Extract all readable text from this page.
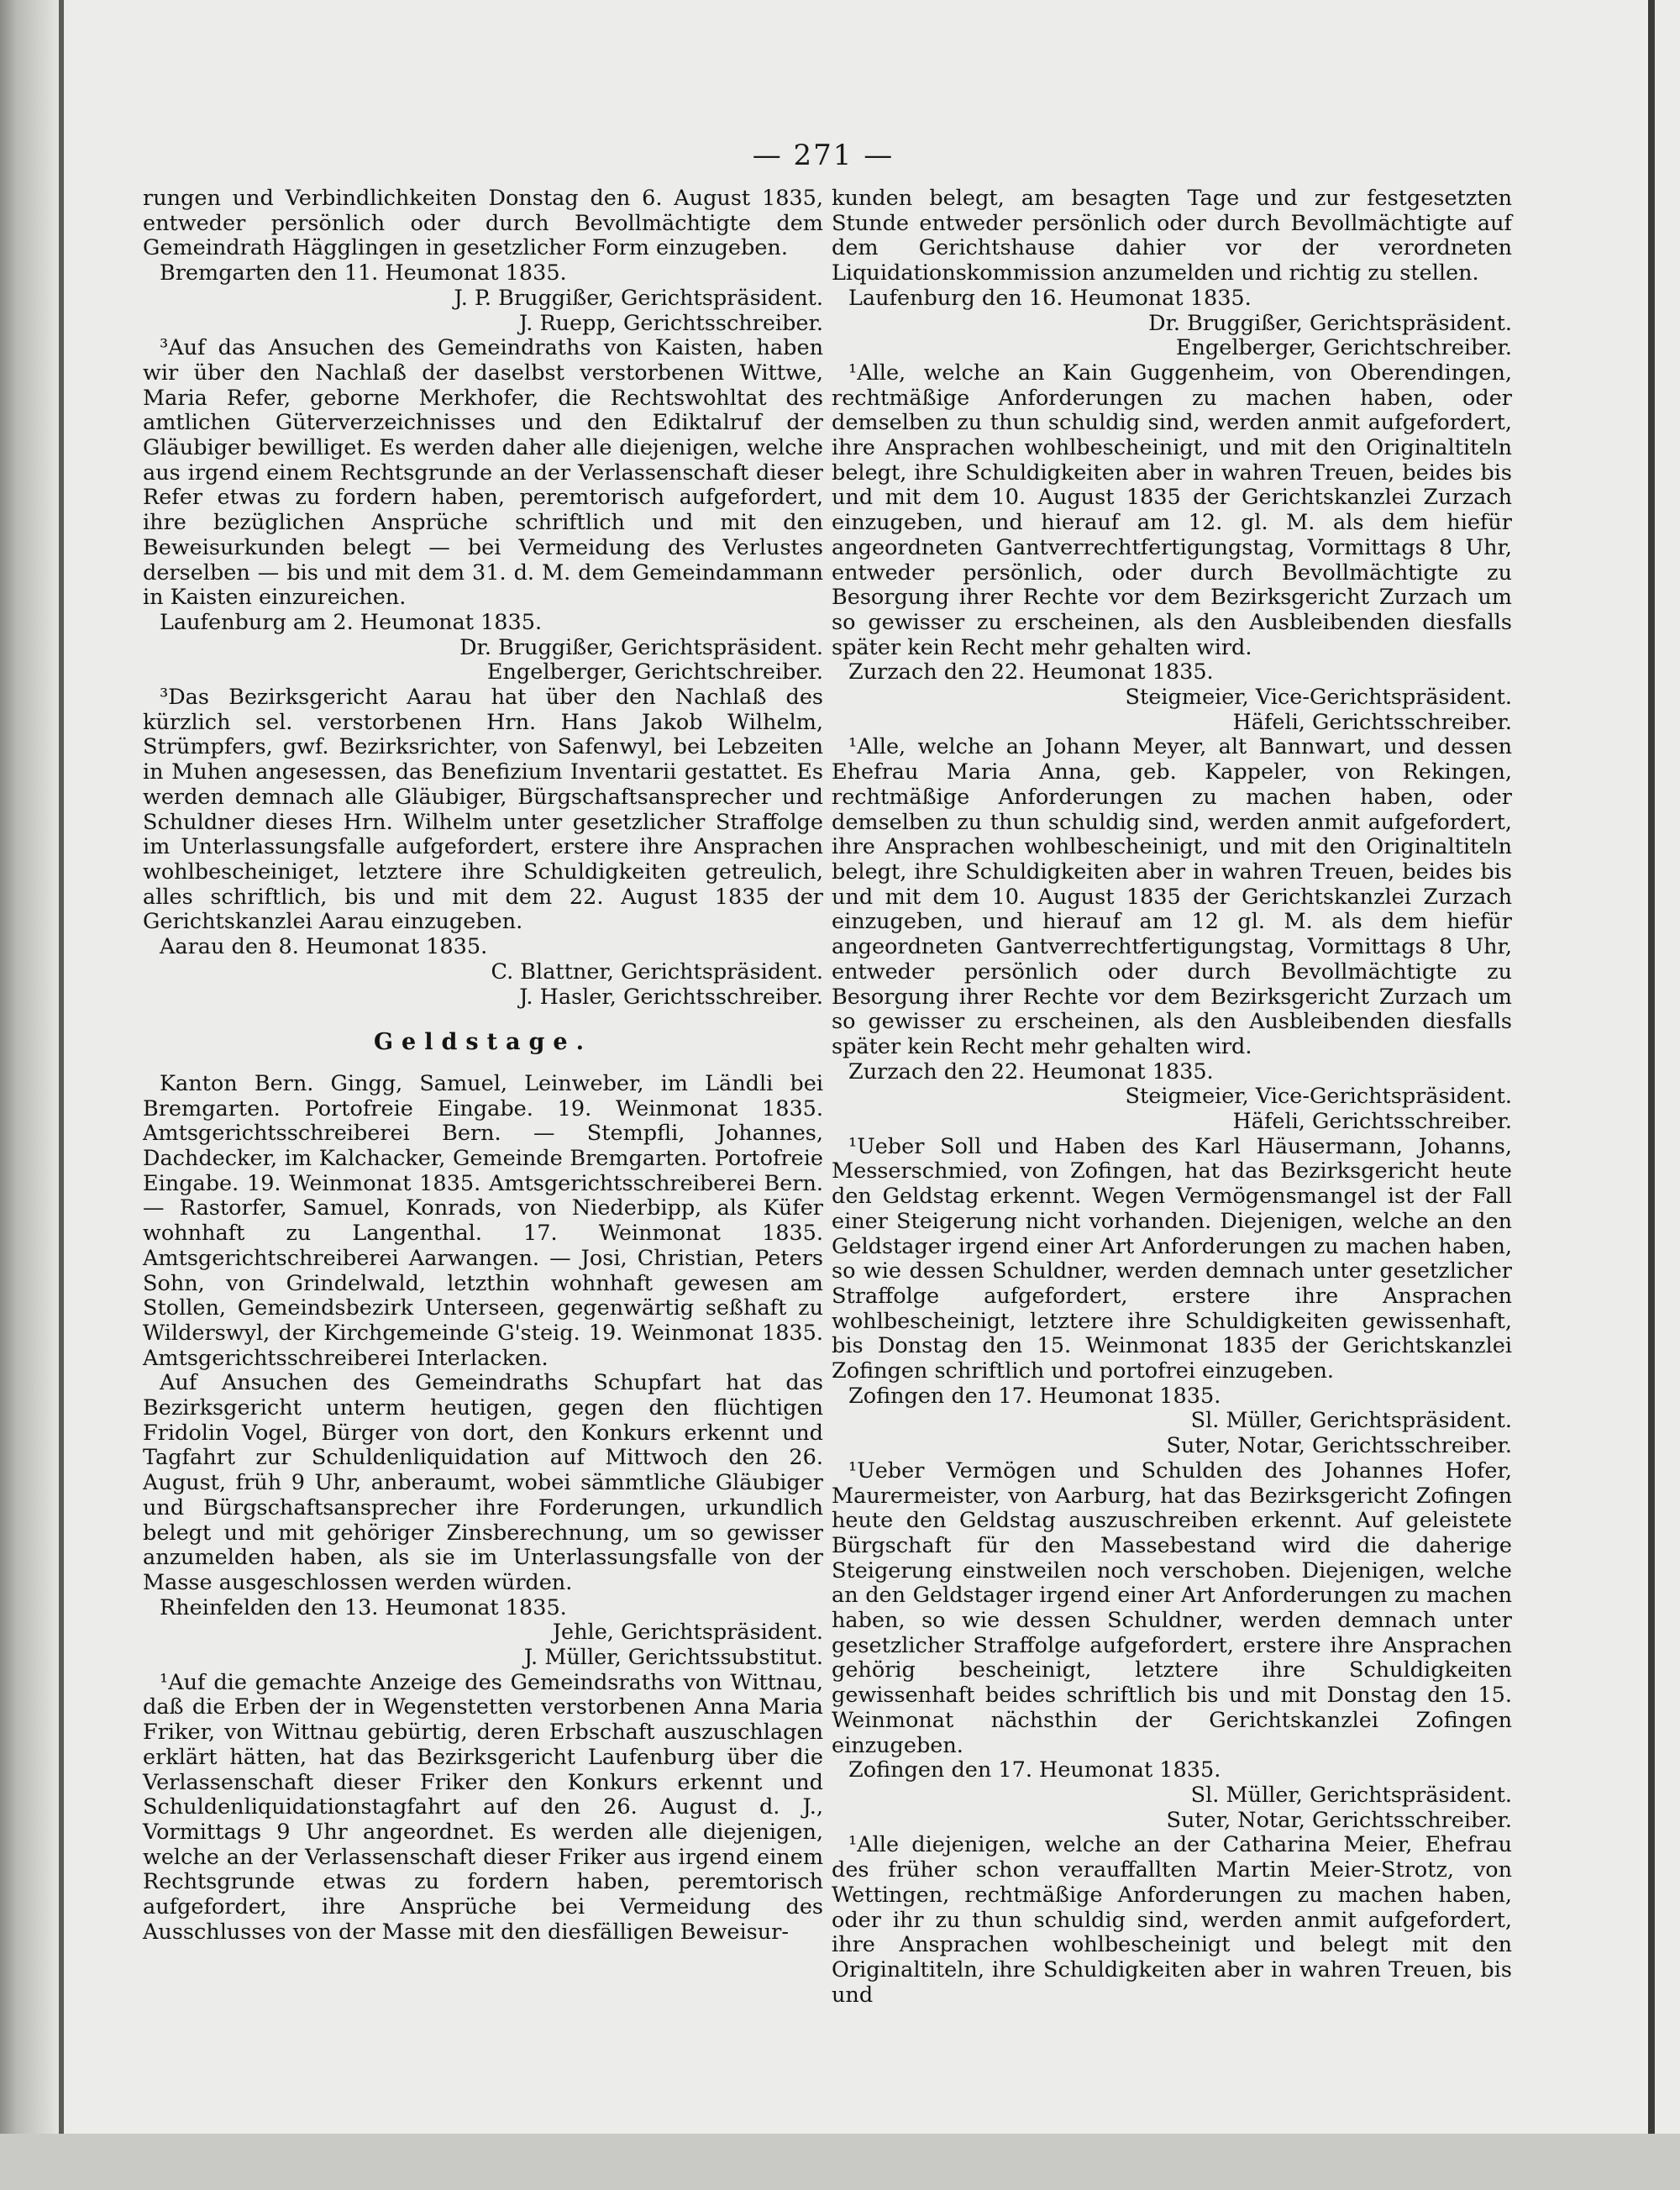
— 271 —

rungen und Verbindlichkeiten Donstag den 6. August 1835, entweder persönlich oder durch Bevollmächtigte dem Gemeindrath Hägglingen in gesetzlicher Form einzugeben.

Bremgarten den 11. Heumonat 1835.

J. P. Bruggißer, Gerichtspräsident.

J. Ruepp, Gerichtsschreiber.

³Auf das Ansuchen des Gemeindraths von Kaisten, haben wir über den Nachlaß der daselbst verstorbenen Wittwe, Maria Refer, geborne Merkhofer, die Rechtswohltat des amtlichen Güterverzeichnisses und den Ediktalruf der Gläubiger bewilliget. Es werden daher alle diejenigen, welche aus irgend einem Rechtsgrunde an der Verlassenschaft dieser Refer etwas zu fordern haben, peremtorisch aufgefordert, ihre bezüglichen Ansprüche schriftlich und mit den Beweisurkunden belegt — bei Vermeidung des Verlustes derselben — bis und mit dem 31. d. M. dem Gemeindammann in Kaisten einzureichen.

Laufenburg am 2. Heumonat 1835.

Dr. Bruggißer, Gerichtspräsident.

Engelberger, Gerichtschreiber.

³Das Bezirksgericht Aarau hat über den Nachlaß des kürzlich sel. verstorbenen Hrn. Hans Jakob Wilhelm, Strümpfers, gwf. Bezirksrichter, von Safenwyl, bei Lebzeiten in Muhen angesessen, das Benefizium Inventarii gestattet. Es werden demnach alle Gläubiger, Bürgschaftsansprecher und Schuldner dieses Hrn. Wilhelm unter gesetzlicher Straffolge im Unterlassungsfalle aufgefordert, erstere ihre Ansprachen wohlbescheiniget, letztere ihre Schuldigkeiten getreulich, alles schriftlich, bis und mit dem 22. August 1835 der Gerichtskanzlei Aarau einzugeben.

Aarau den 8. Heumonat 1835.

C. Blattner, Gerichtspräsident.

J. Hasler, Gerichtsschreiber.

Geldstage.

Kanton Bern. Gingg, Samuel, Leinweber, im Ländli bei Bremgarten. Portofreie Eingabe. 19. Weinmonat 1835. Amtsgerichtsschreiberei Bern. — Stempfli, Johannes, Dachdecker, im Kalchacker, Gemeinde Bremgarten. Portofreie Eingabe. 19. Weinmonat 1835. Amtsgerichtsschreiberei Bern. — Rastorfer, Samuel, Konrads, von Niederbipp, als Küfer wohnhaft zu Langenthal. 17. Weinmonat 1835. Amtsgerichtschreiberei Aarwangen. — Josi, Christian, Peters Sohn, von Grindelwald, letzthin wohnhaft gewesen am Stollen, Gemeindsbezirk Unterseen, gegenwärtig seßhaft zu Wilderswyl, der Kirchgemeinde G'steig. 19. Weinmonat 1835. Amtsgerichtsschreiberei Interlacken.

Auf Ansuchen des Gemeindraths Schupfart hat das Bezirksgericht unterm heutigen, gegen den flüchtigen Fridolin Vogel, Bürger von dort, den Konkurs erkennt und Tagfahrt zur Schuldenliquidation auf Mittwoch den 26. August, früh 9 Uhr, anberaumt, wobei sämmtliche Gläubiger und Bürgschaftsansprecher ihre Forderungen, urkundlich belegt und mit gehöriger Zinsberechnung, um so gewisser anzumelden haben, als sie im Unterlassungsfalle von der Masse ausgeschlossen werden würden.

Rheinfelden den 13. Heumonat 1835.

Jehle, Gerichtspräsident.

J. Müller, Gerichtssubstitut.

¹Auf die gemachte Anzeige des Gemeindsraths von Wittnau, daß die Erben der in Wegenstetten verstorbenen Anna Maria Friker, von Wittnau gebürtig, deren Erbschaft auszuschlagen erklärt hätten, hat das Bezirksgericht Laufenburg über die Verlassenschaft dieser Friker den Konkurs erkennt und Schuldenliquidationstagfahrt auf den 26. August d. J., Vormittags 9 Uhr angeordnet. Es werden alle diejenigen, welche an der Verlassenschaft dieser Friker aus irgend einem Rechtsgrunde etwas zu fordern haben, peremtorisch aufgefordert, ihre Ansprüche bei Vermeidung des Ausschlusses von der Masse mit den diesfälligen Beweisur-

kunden belegt, am besagten Tage und zur festgesetzten Stunde entweder persönlich oder durch Bevollmächtigte auf dem Gerichtshause dahier vor der verordneten Liquidationskommission anzumelden und richtig zu stellen.

Laufenburg den 16. Heumonat 1835.

Dr. Bruggißer, Gerichtspräsident.

Engelberger, Gerichtschreiber.

¹Alle, welche an Kain Guggenheim, von Oberendingen, rechtmäßige Anforderungen zu machen haben, oder demselben zu thun schuldig sind, werden anmit aufgefordert, ihre Ansprachen wohlbescheinigt, und mit den Originaltiteln belegt, ihre Schuldigkeiten aber in wahren Treuen, beides bis und mit dem 10. August 1835 der Gerichtskanzlei Zurzach einzugeben, und hierauf am 12. gl. M. als dem hiefür angeordneten Gantverrechtfertigungstag, Vormittags 8 Uhr, entweder persönlich, oder durch Bevollmächtigte zu Besorgung ihrer Rechte vor dem Bezirksgericht Zurzach um so gewisser zu erscheinen, als den Ausbleibenden diesfalls später kein Recht mehr gehalten wird.

Zurzach den 22. Heumonat 1835.

Steigmeier, Vice-Gerichtspräsident.

Häfeli, Gerichtsschreiber.

¹Alle, welche an Johann Meyer, alt Bannwart, und dessen Ehefrau Maria Anna, geb. Kappeler, von Rekingen, rechtmäßige Anforderungen zu machen haben, oder demselben zu thun schuldig sind, werden anmit aufgefordert, ihre Ansprachen wohlbescheinigt, und mit den Originaltiteln belegt, ihre Schuldigkeiten aber in wahren Treuen, beides bis und mit dem 10. August 1835 der Gerichtskanzlei Zurzach einzugeben, und hierauf am 12 gl. M. als dem hiefür angeordneten Gantverrechtfertigungstag, Vormittags 8 Uhr, entweder persönlich oder durch Bevollmächtigte zu Besorgung ihrer Rechte vor dem Bezirksgericht Zurzach um so gewisser zu erscheinen, als den Ausbleibenden diesfalls später kein Recht mehr gehalten wird.

Zurzach den 22. Heumonat 1835.

Steigmeier, Vice-Gerichtspräsident.

Häfeli, Gerichtsschreiber.

¹Ueber Soll und Haben des Karl Häusermann, Johanns, Messerschmied, von Zofingen, hat das Bezirksgericht heute den Geldstag erkennt. Wegen Vermögensmangel ist der Fall einer Steigerung nicht vorhanden. Diejenigen, welche an den Geldstager irgend einer Art Anforderungen zu machen haben, so wie dessen Schuldner, werden demnach unter gesetzlicher Straffolge aufgefordert, erstere ihre Ansprachen wohlbescheinigt, letztere ihre Schuldigkeiten gewissenhaft, bis Donstag den 15. Weinmonat 1835 der Gerichtskanzlei Zofingen schriftlich und portofrei einzugeben.

Zofingen den 17. Heumonat 1835.

Sl. Müller, Gerichtspräsident.

Suter, Notar, Gerichtsschreiber.

¹Ueber Vermögen und Schulden des Johannes Hofer, Maurermeister, von Aarburg, hat das Bezirksgericht Zofingen heute den Geldstag auszuschreiben erkennt. Auf geleistete Bürgschaft für den Massebestand wird die daherige Steigerung einstweilen noch verschoben. Diejenigen, welche an den Geldstager irgend einer Art Anforderungen zu machen haben, so wie dessen Schuldner, werden demnach unter gesetzlicher Straffolge aufgefordert, erstere ihre Ansprachen gehörig bescheinigt, letztere ihre Schuldigkeiten gewissenhaft beides schriftlich bis und mit Donstag den 15. Weinmonat nächsthin der Gerichtskanzlei Zofingen einzugeben.

Zofingen den 17. Heumonat 1835.

Sl. Müller, Gerichtspräsident.

Suter, Notar, Gerichtsschreiber.

¹Alle diejenigen, welche an der Catharina Meier, Ehefrau des früher schon verauffallten Martin Meier-Strotz, von Wettingen, rechtmäßige Anforderungen zu machen haben, oder ihr zu thun schuldig sind, werden anmit aufgefordert, ihre Ansprachen wohlbescheinigt und belegt mit den Originaltiteln, ihre Schuldigkeiten aber in wahren Treuen, bis und
